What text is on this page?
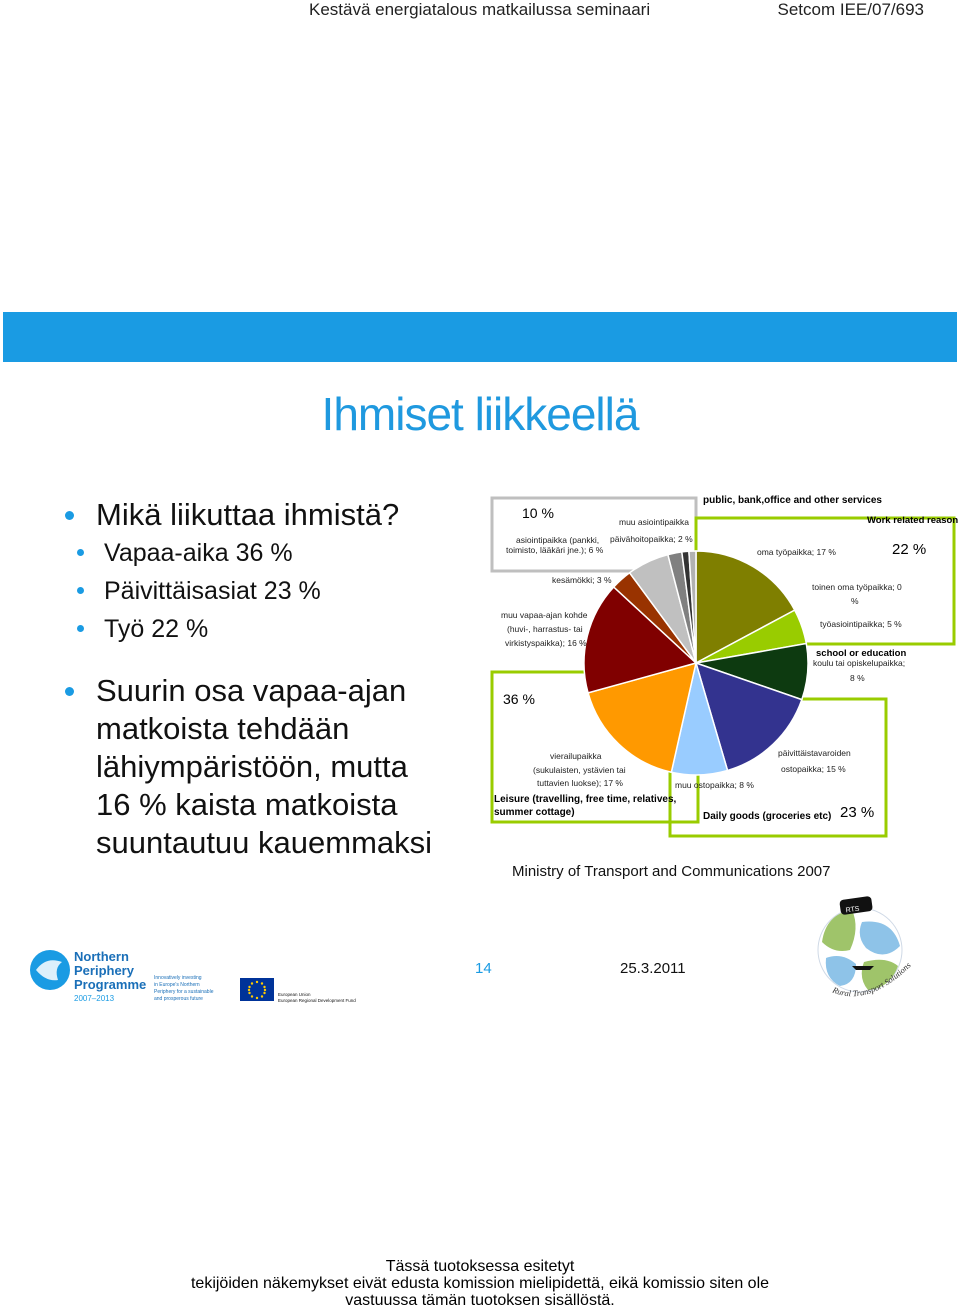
Kestävä energiatalous matkailussa seminaari	Setcom IEE/07/693
Ihmiset liikkeellä
Mikä liikuttaa ihmistä?
Vapaa-aika 36 %
Päivittäisasiat 23 %
Työ 22 %
Suurin osa vapaa-ajan
matkoista tehdään
lähiympäristöön, mutta
16 % kaista matkoista
suuntautuu kauemmaksi
public, bank,office and other services
Work related reason
school or education
Daily goods (groceries etc)
Leisure (travelling, free time, relatives,
summer cottage)
10 %
22 %
36 %
23 %
muu asiointipaikka
päivähoitopaikka; 2 %
asiointipaikka (pankki,
toimisto, lääkäri jne.); 6 %
kesämökki; 3 %
muu vapaa-ajan kohde
(huvi-, harrastus- tai
virkistyspaikka); 16 %
oma työpaikka; 17 %
toinen oma työpaikka; 0
%
työasiointipaikka; 5 %
koulu tai opiskelupaikka;
8 %
vierailupaikka
(sukulaisten, ystävien tai
tuttavien luokse); 17 %
päivittäistavaroiden
ostopaikka; 15 %
muu ostopaikka; 8 %
Ministry of Transport and Communications 2007
Northern
Periphery
Programme
2007–2013
Innovatively investing
in Europe's Northern
Periphery for a sustainable
and prosperous future
European Union
European Regional Development Fund
14	25.3.2011
RTS
Rural Transport Solutions
Tässä tuotoksessa esitetyt
tekijöiden näkemykset eivät edusta komission mielipidettä, eikä komissio siten ole
vastuussa tämän tuotoksen sisällöstä.
